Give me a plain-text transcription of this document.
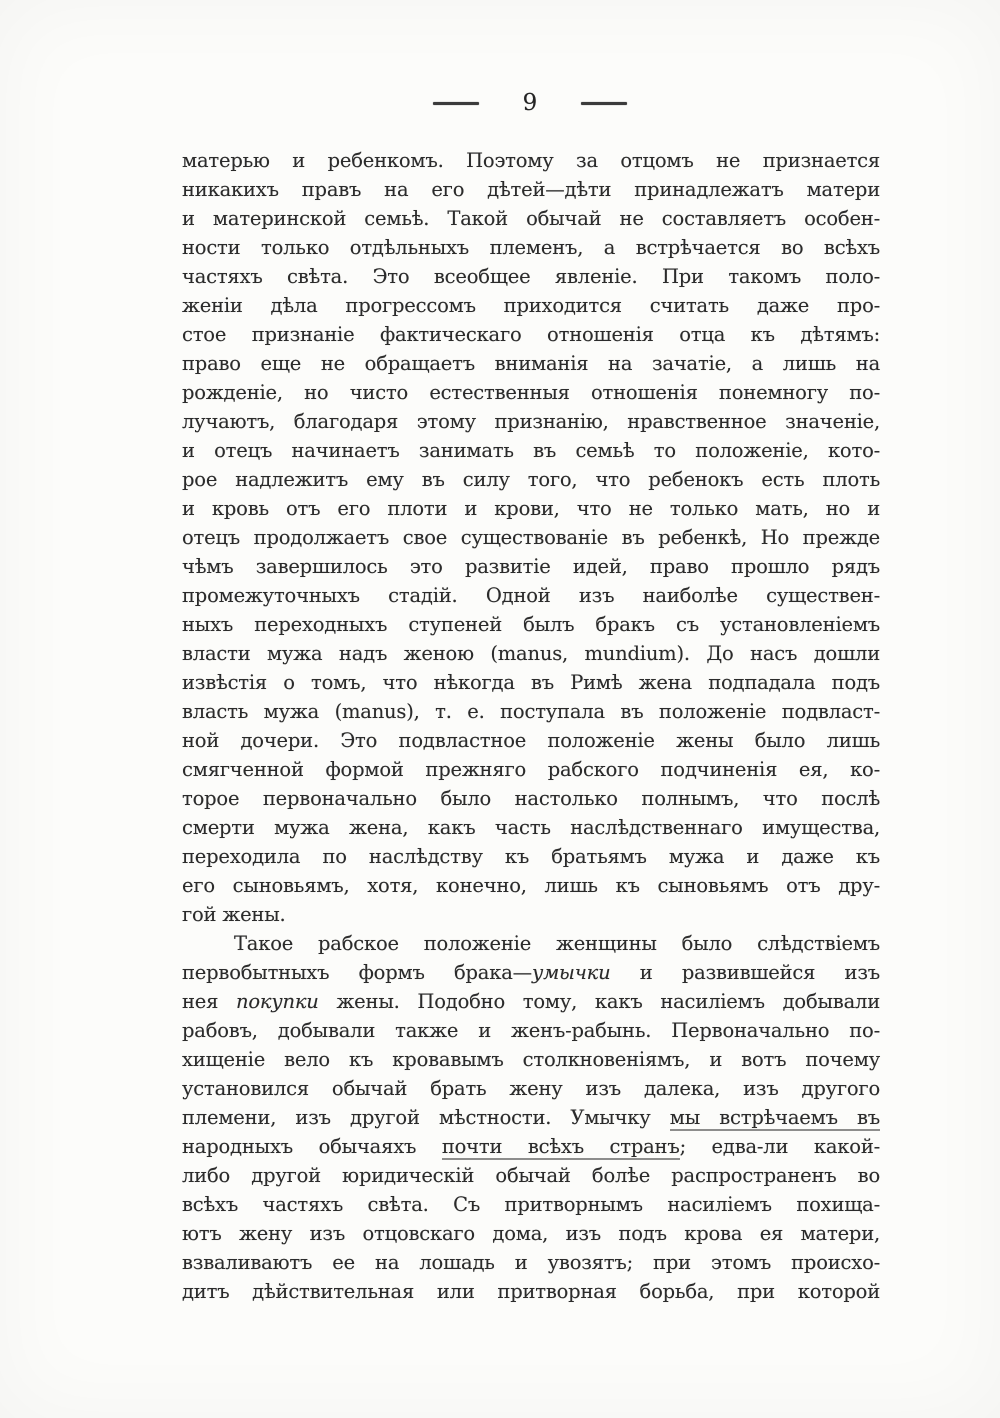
9
матерью и ребенкомъ. Поэтому за отцомъ не признается
никакихъ правъ на его дѣтей—дѣти принадлежатъ матери
и материнской семьѣ. Такой обычай не составляетъ особен-
ности только отдѣльныхъ племенъ, а встрѣчается во всѣхъ
частяхъ свѣта. Это всеобщее явленіе. При такомъ поло-
женіи дѣла прогрессомъ приходится считать даже про-
стое признаніе фактическаго отношенія отца къ дѣтямъ:
право еще не обращаетъ вниманія на зачатіе, а лишь на
рожденіе, но чисто естественныя отношенія понемногу по-
лучаютъ, благодаря этому признанію, нравственное значеніе,
и отецъ начинаетъ занимать въ семьѣ то положеніе, кото-
рое надлежитъ ему въ силу того, что ребенокъ есть плоть
и кровь отъ его плоти и крови, что не только мать, но и
отецъ продолжаетъ свое существованіе въ ребенкѣ, Но прежде
чѣмъ завершилось это развитіе идей, право прошло рядъ
промежуточныхъ стадій. Одной изъ наиболѣе существен-
ныхъ переходныхъ ступеней былъ бракъ съ установленіемъ
власти мужа надъ женою (manus, mundium). До насъ дошли
извѣстія о томъ, что нѣкогда въ Римѣ жена подпадала подъ
власть мужа (manus), т. е. поступала въ положеніе подвласт-
ной дочери. Это подвластное положеніе жены было лишь
смягченной формой прежняго рабского подчиненія ея, ко-
торое первоначально было настолько полнымъ, что послѣ
смерти мужа жена, какъ часть наслѣдственнаго имущества,
переходила по наслѣдству къ братьямъ мужа и даже къ
его сыновьямъ, хотя, конечно, лишь къ сыновьямъ отъ дру-
гой жены.
Такое рабское положеніе женщины было слѣдствіемъ
первобытныхъ формъ брака—умычки и развившейся изъ
нея покупки жены. Подобно тому, какъ насиліемъ добывали
рабовъ, добывали также и женъ-рабынь. Первоначально по-
хищеніе вело къ кровавымъ столкновеніямъ, и вотъ почему
установился обычай брать жену изъ далека, изъ другого
племени, изъ другой мѣстности. Умычку мы встрѣчаемъ въ
народныхъ обычаяхъ почти всѣхъ странъ; едва-ли какой-
либо другой юридическій обычай болѣе распространенъ во
всѣхъ частяхъ свѣта. Съ притворнымъ насиліемъ похища-
ютъ жену изъ отцовскаго дома, изъ подъ крова ея матери,
взваливаютъ ее на лошадь и увозятъ; при этомъ происхо-
дитъ дѣйствительная или притворная борьба, при которой
